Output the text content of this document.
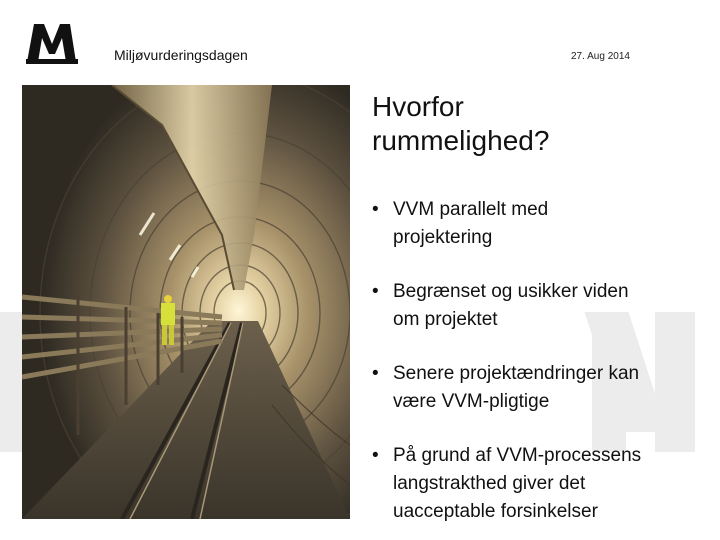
Miljøvurderingsdagen	27. Aug 2014
Hvorfor
rummelighed?
• VVM parallelt med
projektering
• Begrænset og usikker viden
om projektet
• Senere projektændringer kan
være VVM-pligtige
• På grund af VVM-processens
langstrakthed giver det
uacceptable forsinkelser
